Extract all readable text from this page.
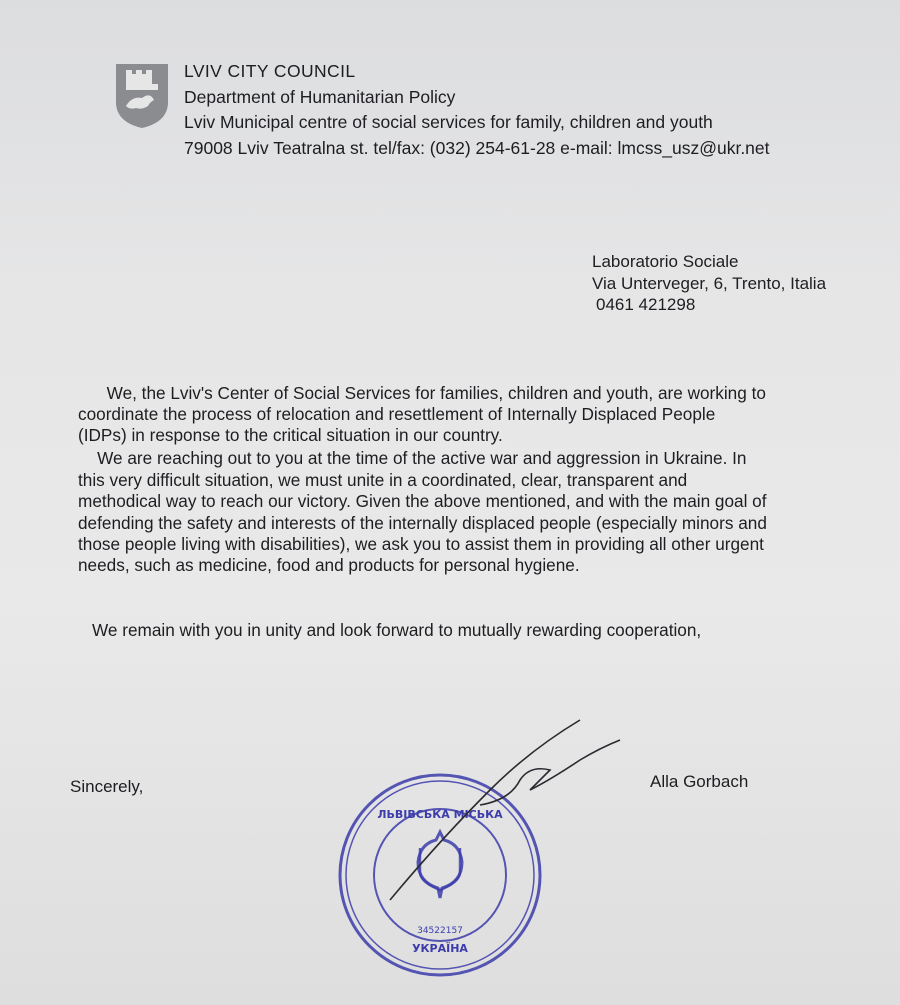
LVIV CITY COUNCIL
Department of Humanitarian Policy
Lviv Municipal centre of social services for family, children and youth
79008 Lviv Teatralna st. tel/fax: (032) 254-61-28 e-mail: lmcss_usz@ukr.net
Laboratorio Sociale
Via Unterveger, 6, Trento, Italia
0461 421298
We, the Lviv's Center of Social Services for families, children and youth, are working to
coordinate the process of relocation and resettlement of Internally Displaced People
(IDPs) in response to the critical situation in our country.
We are reaching out to you at the time of the active war and aggression in Ukraine. In
this very difficult situation, we must unite in a coordinated, clear, transparent and
methodical way to reach our victory. Given the above mentioned, and with the main goal of
defending the safety and interests of the internally displaced people (especially minors and
those people living with disabilities), we ask you to assist them in providing all other urgent
needs, such as medicine, food and products for personal hygiene.
We remain with you in unity and look forward to mutually rewarding cooperation,
Sincerely,	Alla Gorbach
ЛЬВІВСЬКА МІСЬКА
УКРАЇНА
34522157
